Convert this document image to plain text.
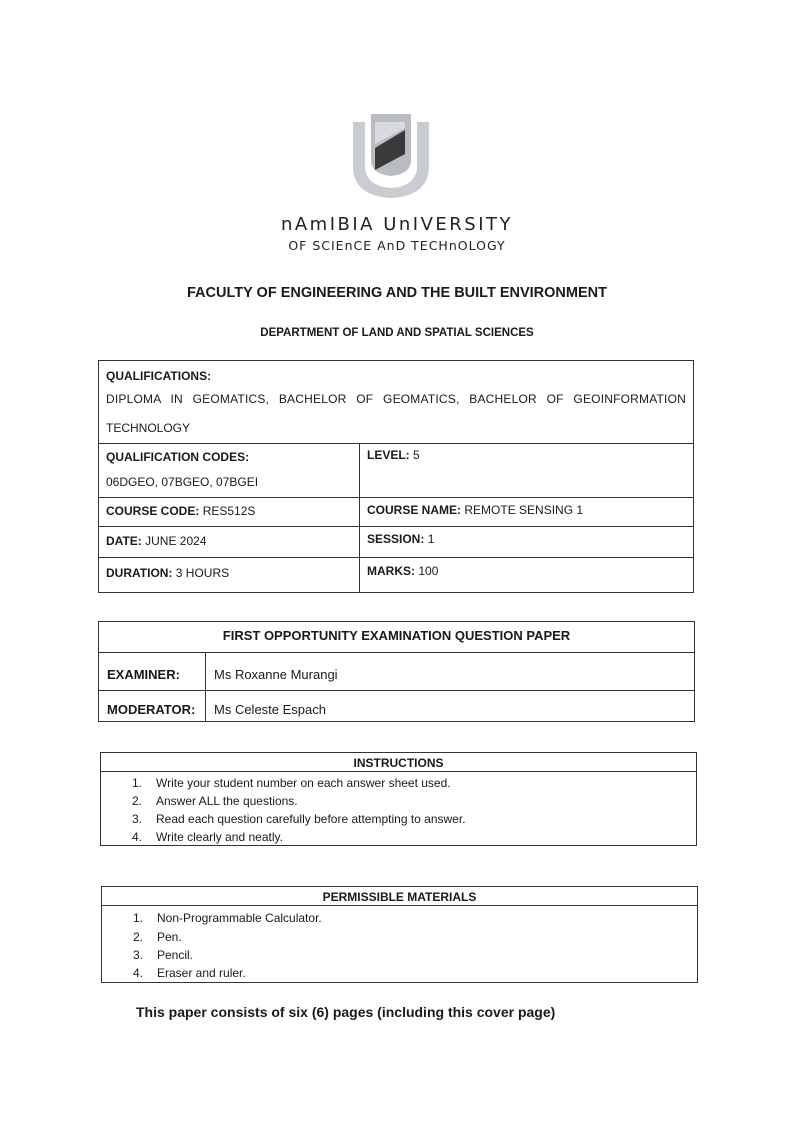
nAmIBIA UnIVERSITY
OF SCIEnCE AnD TECHnOLOGY
FACULTY OF ENGINEERING AND THE BUILT ENVIRONMENT
DEPARTMENT OF LAND AND SPATIAL SCIENCES
QUALIFICATIONS:
DIPLOMA IN GEOMATICS, BACHELOR OF GEOMATICS, BACHELOR OF GEOINFORMATION
TECHNOLOGY
QUALIFICATION CODES:
06DGEO, 07BGEO, 07BGEI
LEVEL: 5
COURSE CODE: RES512S	COURSE NAME: REMOTE SENSING 1
DATE: JUNE 2024	SESSION: 1
DURATION: 3 HOURS	MARKS: 100
FIRST OPPORTUNITY EXAMINATION QUESTION PAPER
EXAMINER:	Ms Roxanne Murangi
MODERATOR: Ms Celeste Espach
INSTRUCTIONS
1. Write your student number on each answer sheet used.
2. Answer ALL the questions.
3. Read each question carefully before attempting to answer.
4. Write clearly and neatly.
PERMISSIBLE MATERIALS
1. Non-Programmable Calculator.
2. Pen.
3. Pencil.
4. Eraser and ruler.
This paper consists of six (6) pages (including this cover page)
